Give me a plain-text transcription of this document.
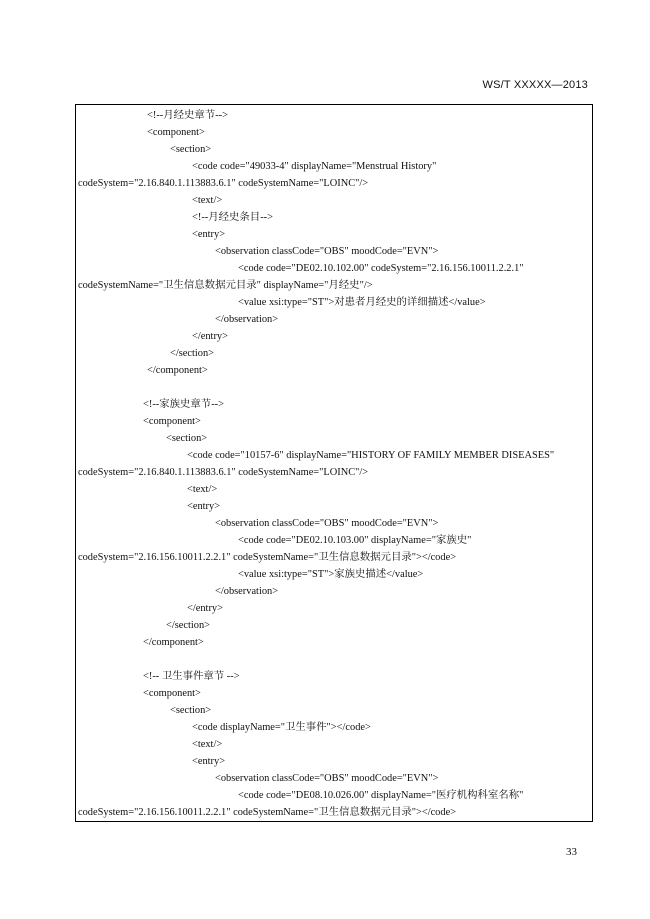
WS/T XXXXX—2013
<!--月经史章节-->
<component>
<section>
<code code="49033-4" displayName="Menstrual History"
codeSystem="2.16.840.1.113883.6.1" codeSystemName="LOINC"/>
<text/>
<!--月经史条目-->
<entry>
<observation classCode="OBS" moodCode="EVN">
<code code="DE02.10.102.00" codeSystem="2.16.156.10011.2.2.1"
codeSystemName="卫生信息数据元目录" displayName="月经史"/>
<value xsi:type="ST">对患者月经史的详细描述</value>
</observation>
</entry>
</section>
</component>
<!--家族史章节-->
<component>
<section>
<code code="10157-6" displayName="HISTORY OF FAMILY MEMBER DISEASES"
codeSystem="2.16.840.1.113883.6.1" codeSystemName="LOINC"/>
<text/>
<entry>
<observation classCode="OBS" moodCode="EVN">
<code code="DE02.10.103.00" displayName="家族史"
codeSystem="2.16.156.10011.2.2.1" codeSystemName="卫生信息数据元目录"></code>
<value xsi:type="ST">家族史描述</value>
</observation>
</entry>
</section>
</component>
<!-- 卫生事件章节 -->
<component>
<section>
<code displayName="卫生事件"></code>
<text/>
<entry>
<observation classCode="OBS" moodCode="EVN">
<code code="DE08.10.026.00" displayName="医疗机构科室名称"
codeSystem="2.16.156.10011.2.2.1" codeSystemName="卫生信息数据元目录"></code>
33
